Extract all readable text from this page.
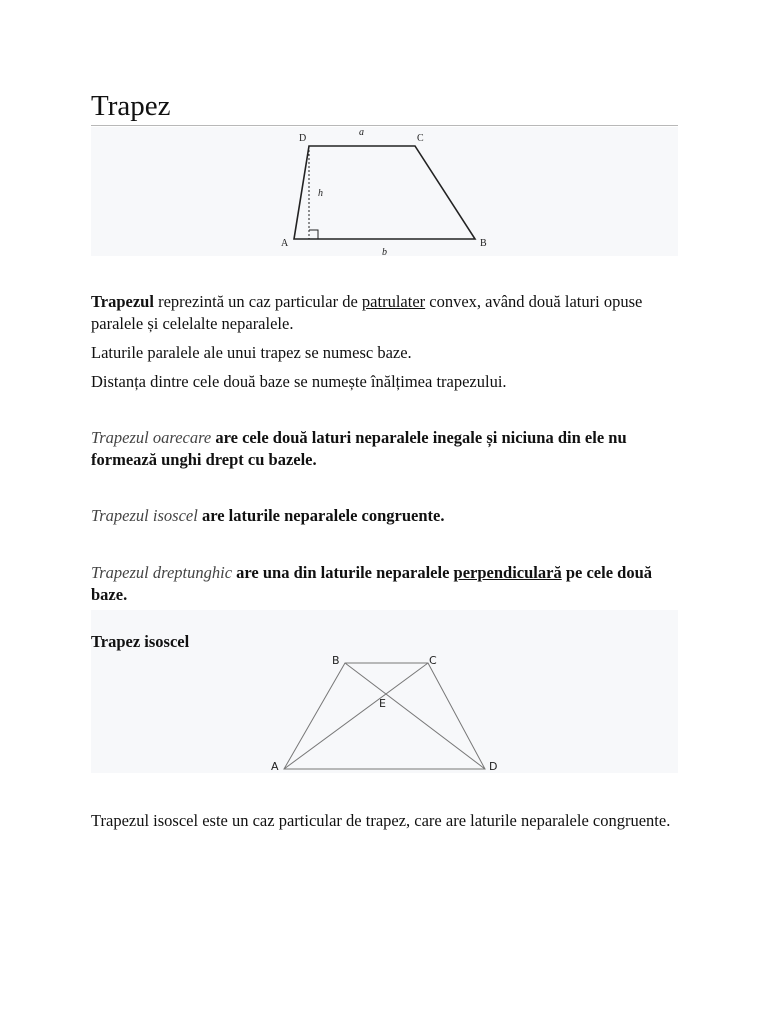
Trapez
D	C
A	B
a
b
h

Trapezul reprezintă un caz particular de patrulater convex, având două laturi opuse paralele și celelalte neparalele.

Laturile paralele ale unui trapez se numesc baze.

Distanța dintre cele două baze se numește înălțimea trapezului.

Trapezul oarecare are cele două laturi neparalele inegale și niciuna din ele nu formează unghi drept cu bazele.

Trapezul isoscel are laturile neparalele congruente.

Trapezul dreptunghic are una din laturile neparalele perpendiculară pe cele două baze.

Trapez isoscel
B	C
E
A	D

Trapezul isoscel este un caz particular de trapez, care are laturile neparalele congruente.
